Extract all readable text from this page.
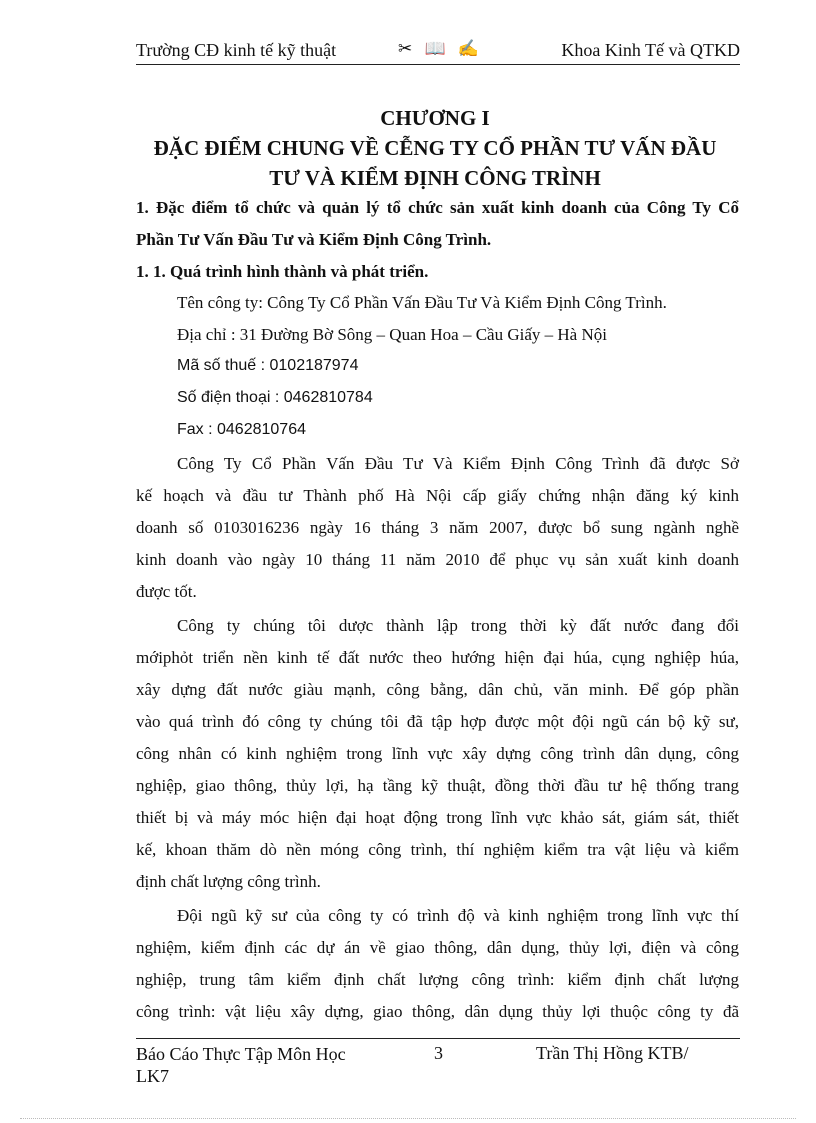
Trường CĐ kinh tế kỹ thuật	✂ 📖 ✍	Khoa Kinh Tế và QTKD
CHƯƠNG I
ĐẶC ĐIỂM CHUNG VỀ CỄNG TY CỔ PHẦN TƯ VẤN ĐẦU
TƯ VÀ KIỂM ĐỊNH CÔNG TRÌNH
1. Đặc điểm tổ chức và quản lý tổ chức sản xuất kinh doanh của Công Ty Cổ
Phần Tư Vấn Đầu Tư và Kiểm Định Công Trình.
1. 1. Quá trình hình thành và phát triển.
Tên công ty: Công Ty Cổ Phần Vấn Đầu Tư Và Kiểm Định Công Trình.
Địa chỉ : 31 Đường Bờ Sông – Quan Hoa – Cầu Giấy – Hà Nội
Mã số thuế : 0102187974
Số điện thoại : 0462810784
Fax : 0462810764
Công Ty Cổ Phần Vấn Đầu Tư Và Kiểm Định Công Trình đã được Sở
kế hoạch và đầu tư Thành phố Hà Nội cấp giấy chứng nhận đăng ký kinh
doanh số 0103016236 ngày 16 tháng 3 năm 2007, được bổ sung ngành nghề
kinh doanh vào ngày 10 tháng 11 năm 2010 để phục vụ sản xuất kinh doanh
được tốt.
Công ty chúng tôi dược thành lập trong thời kỳ đất nước đang đổi
mớiphỏt triển nền kinh tế đất nước theo hướng hiện đại húa, cụng nghiệp húa,
xây dựng đất nước giàu mạnh, công bằng, dân chủ, văn minh. Để góp phần
vào quá trình đó công ty chúng tôi đã tập hợp được một đội ngũ cán bộ kỹ sư,
công nhân có kinh nghiệm trong lĩnh vực xây dựng công trình dân dụng, công
nghiệp, giao thông, thủy lợi, hạ tầng kỹ thuật, đồng thời đầu tư hệ thống trang
thiết bị và máy móc hiện đại hoạt động trong lĩnh vực khảo sát, giám sát, thiết
kế, khoan thăm dò nền móng công trình, thí nghiệm kiểm tra vật liệu và kiểm
định chất lượng công trình.
Đội ngũ kỹ sư của công ty có trình độ và kinh nghiệm trong lĩnh vực thí
nghiệm, kiểm định các dự án về giao thông, dân dụng, thủy lợi, điện và công
nghiệp, trung tâm kiểm định chất lượng công trình: kiểm định chất lượng
công trình: vật liệu xây dựng, giao thông, dân dụng thủy lợi thuộc công ty đã
Báo Cáo Thực Tập Môn Học LK7
3	Trần Thị Hồng KTB/
